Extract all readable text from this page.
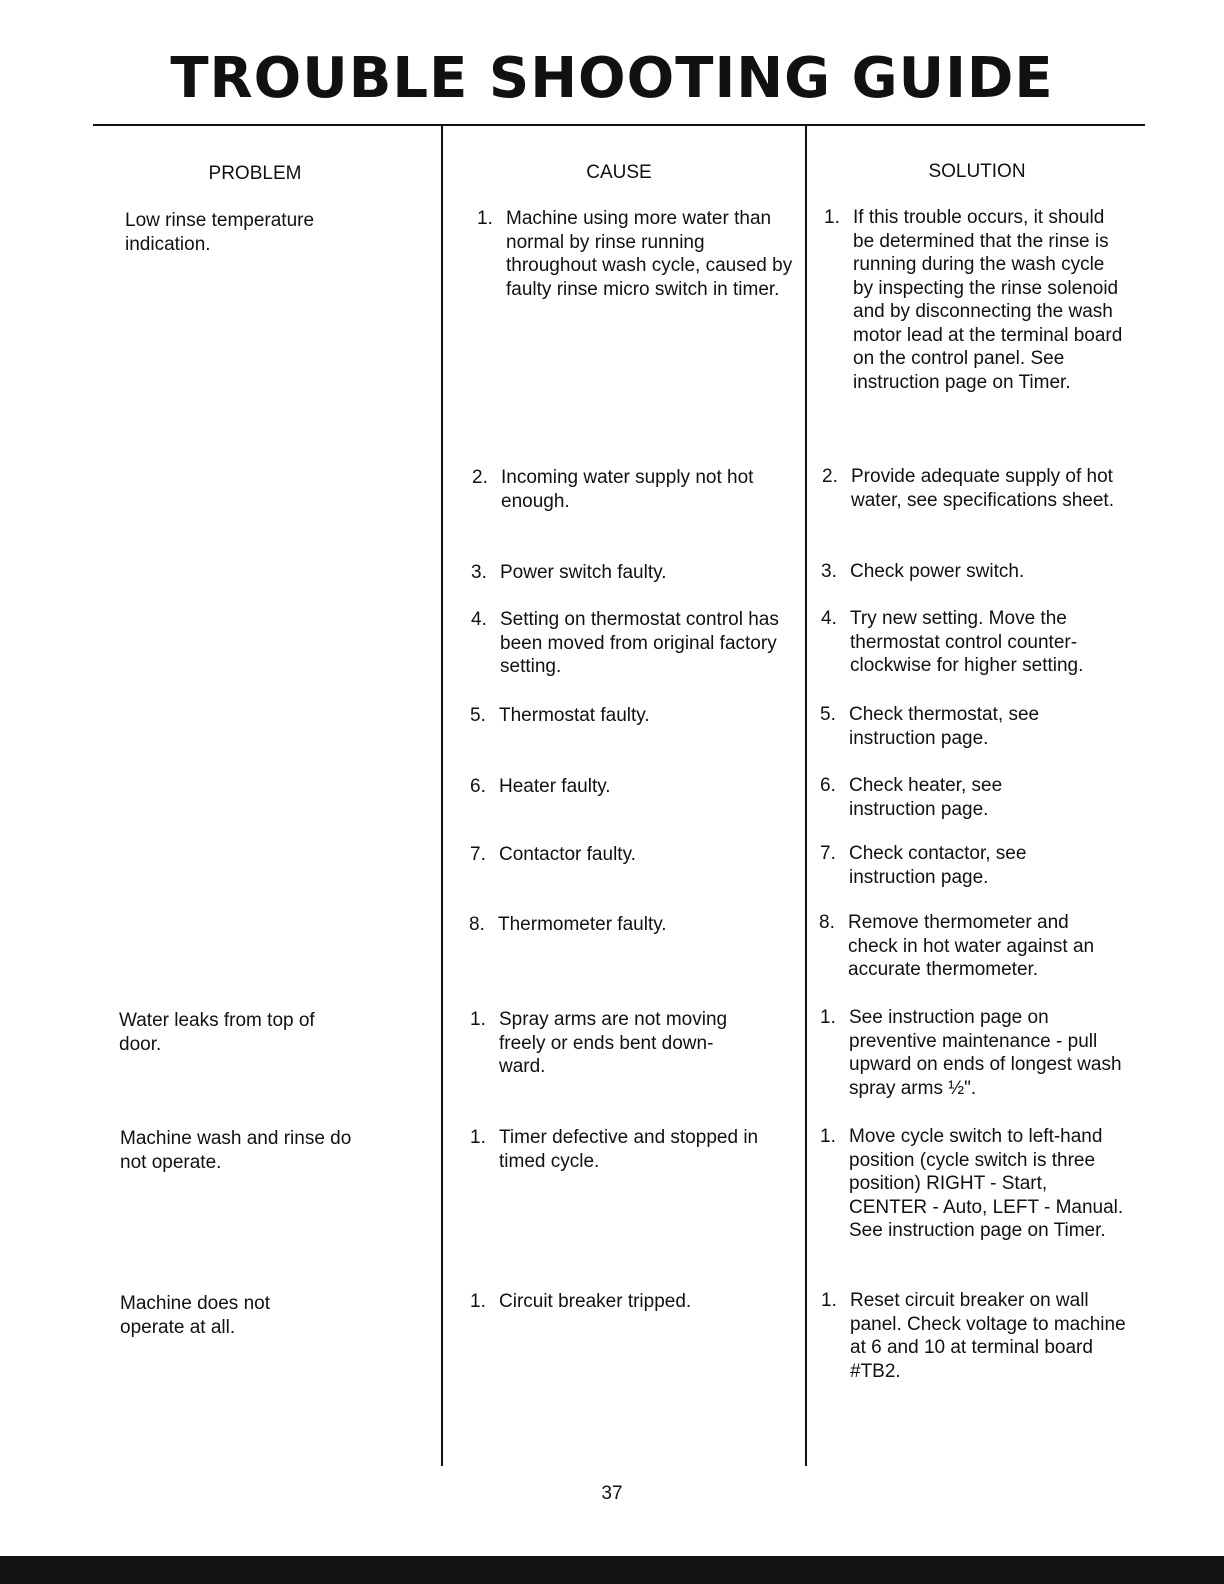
TROUBLE SHOOTING GUIDE
PROBLEM	CAUSE	SOLUTION
Low rinse temperature indication.
Water leaks from top of door.
Machine wash and rinse do not operate.
Machine does not operate at all.
1. Machine using more water than normal by rinse running throughout wash cycle, caused by faulty rinse micro switch in timer.
2. Incoming water supply not hot enough.
3. Power switch faulty.
4. Setting on thermostat control has been moved from original factory setting.
5. Thermostat faulty.
6. Heater faulty.
7. Contactor faulty.
8. Thermometer faulty.
1. Spray arms are not moving freely or ends bent down-ward.
1. Timer defective and stopped in timed cycle.
1. Circuit breaker tripped.
1. If this trouble occurs, it should be determined that the rinse is running during the wash cycle by inspecting the rinse solenoid and by disconnecting the wash motor lead at the terminal board on the control panel. See instruction page on Timer.
2. Provide adequate supply of hot water, see specifications sheet.
3. Check power switch.
4. Try new setting. Move the thermostat control counter-clockwise for higher setting.
5. Check thermostat, see instruction page.
6. Check heater, see instruction page.
7. Check contactor, see instruction page.
8. Remove thermometer and check in hot water against an accurate thermometer.
1. See instruction page on preventive maintenance - pull upward on ends of longest wash spray arms ½".
1. Move cycle switch to left-hand position (cycle switch is three position) RIGHT - Start, CENTER - Auto, LEFT - Manual. See instruction page on Timer.
1. Reset circuit breaker on wall panel. Check voltage to machine at 6 and 10 at terminal board #TB2.
37
